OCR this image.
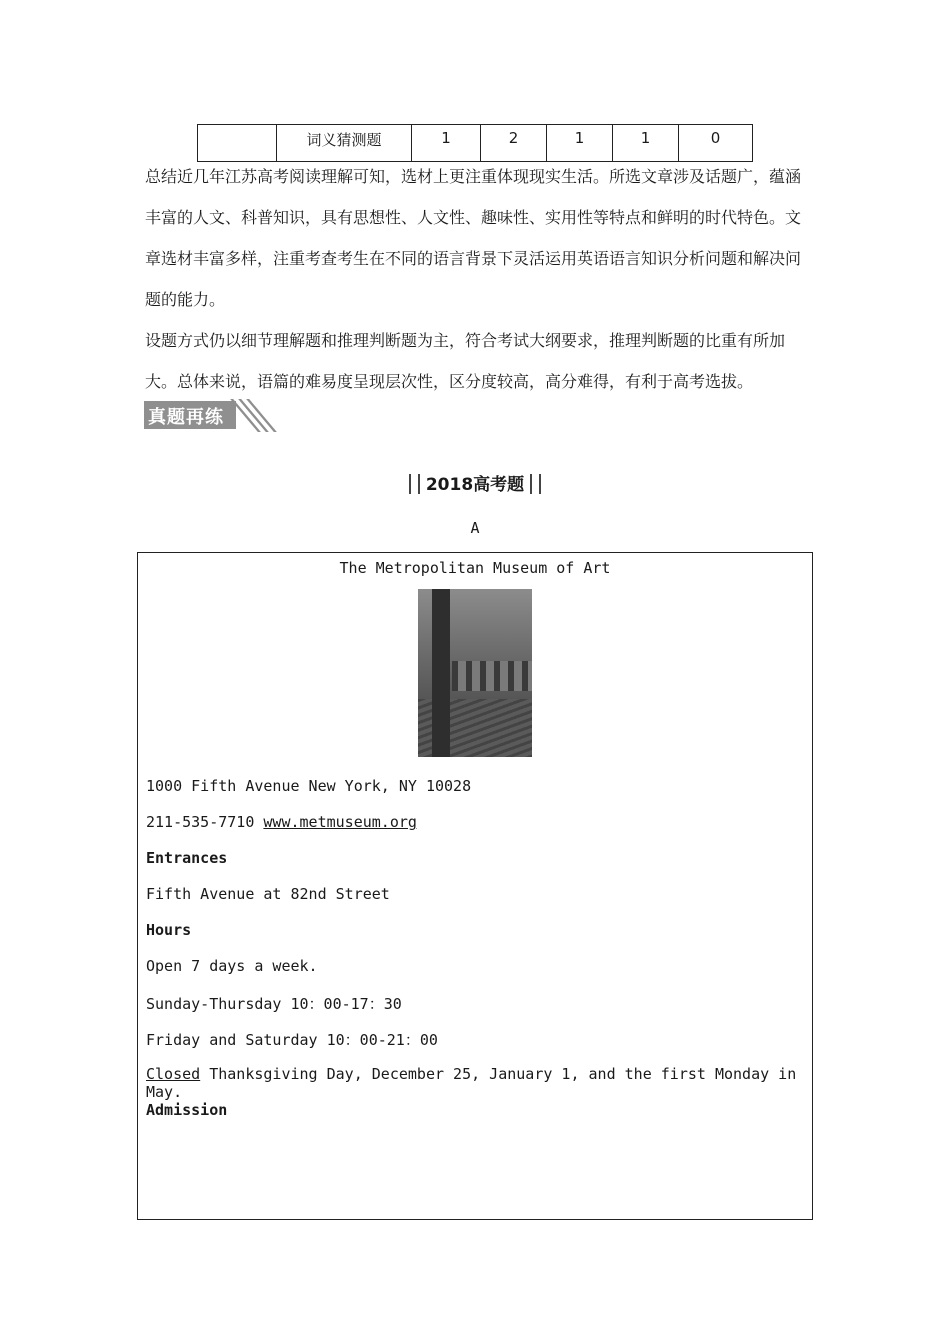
	词义猜测题	1	2	1	1	0

总结近几年江苏高考阅读理解可知，选材上更注重体现现实生活。所选文章涉及话题广，蕴涵丰富的人文、科普知识，具有思想性、人文性、趣味性、实用性等特点和鲜明的时代特色。文章选材丰富多样，注重考查考生在不同的语言背景下灵活运用英语语言知识分析问题和解决问题的能力。

设题方式仍以细节理解题和推理判断题为主，符合考试大纲要求，推理判断题的比重有所加大。总体来说，语篇的难易度呈现层次性，区分度较高，高分难得，有利于高考选拔。

真题再练
2018高考题
A
The Metropolitan Museum of Art
1000 Fifth Avenue New York, NY 10028
211-535-7710 www.metmuseum.org
Entrances
Fifth Avenue at 82nd Street
Hours
Open 7 days a week.
Sunday-Thursday 10：00-17：30
Friday and Saturday 10：00-21：00
Closed Thanksgiving Day, December 25, January 1, and the first Monday in May.
Admission
